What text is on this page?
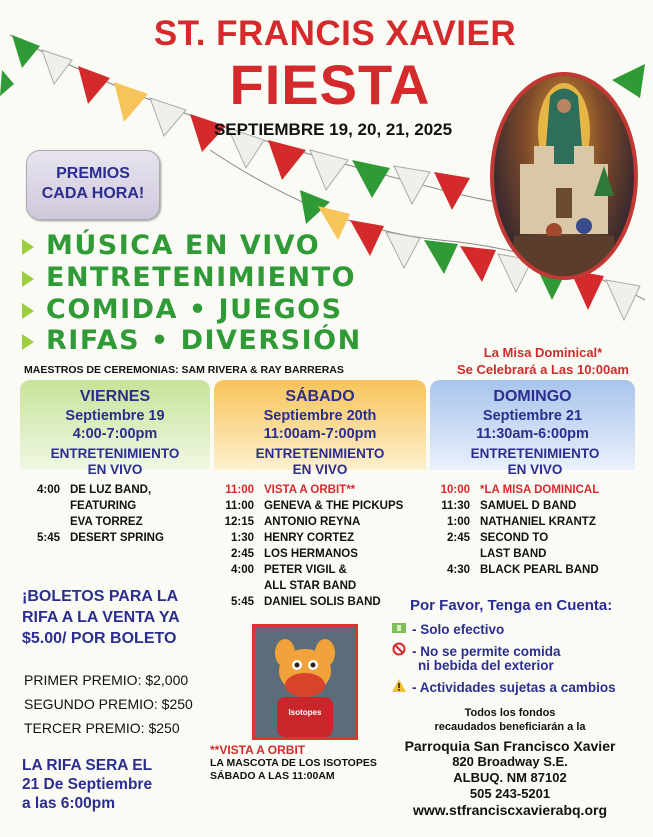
ST. FRANCIS XAVIER
FIESTA
SEPTIEMBRE 19, 20, 21, 2025
PREMIOS
CADA HORA!
MÚSICA EN VIVO
ENTRETENIMIENTO
COMIDA • JUEGOS
RIFAS • DIVERSIÓN
MAESTROS DE CEREMONIAS: SAM RIVERA & RAY BARRERAS
La Misa Dominical*
Se Celebrará a Las 10:00am
VIERNES
Septiembre 19
4:00-7:00pm
SÁBADO
Septiembre 20th
11:00am-7:00pm
DOMINGO
Septiembre 21
11:30am-6:00pm
ENTRETENIMIENTO
EN VIVO
4:00 DE LUZ BAND,
FEATURING
EVA TORREZ
5:45 DESERT SPRING
ENTRETENIMIENTO
EN VIVO
11:00 VISTA A ORBIT**
11:00 GENEVA & THE PICKUPS
12:15 ANTONIO REYNA
1:30 HENRY CORTEZ
2:45 LOS HERMANOS
4:00 PETER VIGIL &
ALL STAR BAND
5:45 DANIEL SOLIS BAND
ENTRETENIMIENTO
EN VIVO
10:00 *LA MISA DOMINICAL
11:30 SAMUEL D BAND
1:00 NATHANIEL KRANTZ
2:45 SECOND TO
LAST BAND
4:30 BLACK PEARL BAND
¡BOLETOS PARA LA
RIFA A LA VENTA YA
$5.00/ POR BOLETO
PRIMER PREMIO: $2,000
SEGUNDO PREMIO: $250
TERCER PREMIO: $250
LA RIFA SERA EL
21 De Septiembre
a las 6:00pm
Isotopes
**VISTA A ORBIT
LA MASCOTA DE LOS ISOTOPES
SÁBADO A LAS 11:00AM
Por Favor, Tenga en Cuenta:
- Solo efectivo
- No se permite comida
ni bebida del exterior
- Actividades sujetas a cambios
Todos los fondos
recaudados beneficiarán a la
Parroquia San Francisco Xavier
820 Broadway S.E.
ALBUQ. NM 87102
505 243-5201
www.stfranciscxavierabq.org
